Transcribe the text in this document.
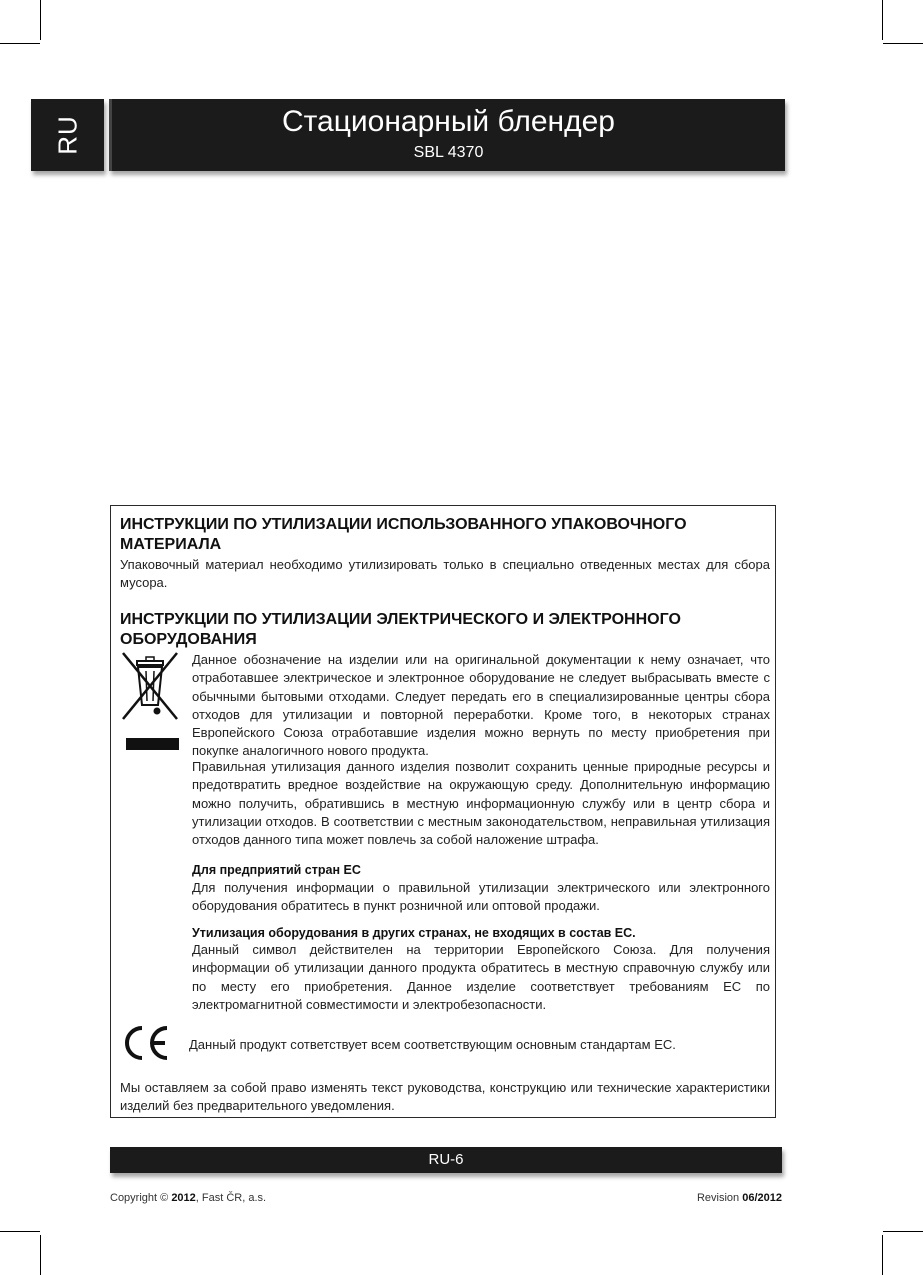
RU	Стационарный блендер
SBL 4370
ИНСТРУКЦИИ ПО УТИЛИЗАЦИИ ИСПОЛЬЗОВАННОГО УПАКОВОЧНОГО
МАТЕРИАЛА

Упаковочный материал необходимо утилизировать только в специально отведенных местах для сбора мусора.

ИНСТРУКЦИИ ПО УТИЛИЗАЦИИ ЭЛЕКТРИЧЕСКОГО И ЭЛЕКТРОННОГО
ОБОРУДОВАНИЯ

Данное обозначение на изделии или на оригинальной документации к нему означает, что отработавшее электрическое и электронное оборудование не следует выбрасывать вместе с обычными бытовыми отходами. Следует передать его в специализированные центры сбора отходов для утилизации и повторной переработки. Кроме того, в некоторых странах Европейского Союза отработавшие изделия можно вернуть по месту приобретения при покупке аналогичного нового продукта.

Правильная утилизация данного изделия позволит сохранить ценные природные ресурсы и предотвратить вредное воздействие на окружающую среду. Дополнительную информацию можно получить, обратившись в местную информационную службу или в центр сбора и утилизации отходов. В соответствии с местным законодательством, неправильная утилизация отходов данного типа может повлечь за собой наложение штрафа.

Для предприятий стран ЕС

Для получения информации о правильной утилизации электрического или электронного оборудования обратитесь в пункт розничной или оптовой продажи.

Утилизация оборудования в других странах, не входящих в состав ЕС.

Данный символ действителен на территории Европейского Союза. Для получения информации об утилизации данного продукта обратитесь в местную справочную службу или по месту его приобретения. Данное изделие соответствует требованиям ЕС по электромагнитной совместимости и электробезопасности.

Данный продукт сответствует всем соответствующим основным стандартам ЕС.

Мы оставляем за собой право изменять текст руководства, конструкцию или технические характеристики изделий без предварительного уведомления.

RU-6
Copyright © 2012, Fast ČR, a.s.	Revision 06/2012
